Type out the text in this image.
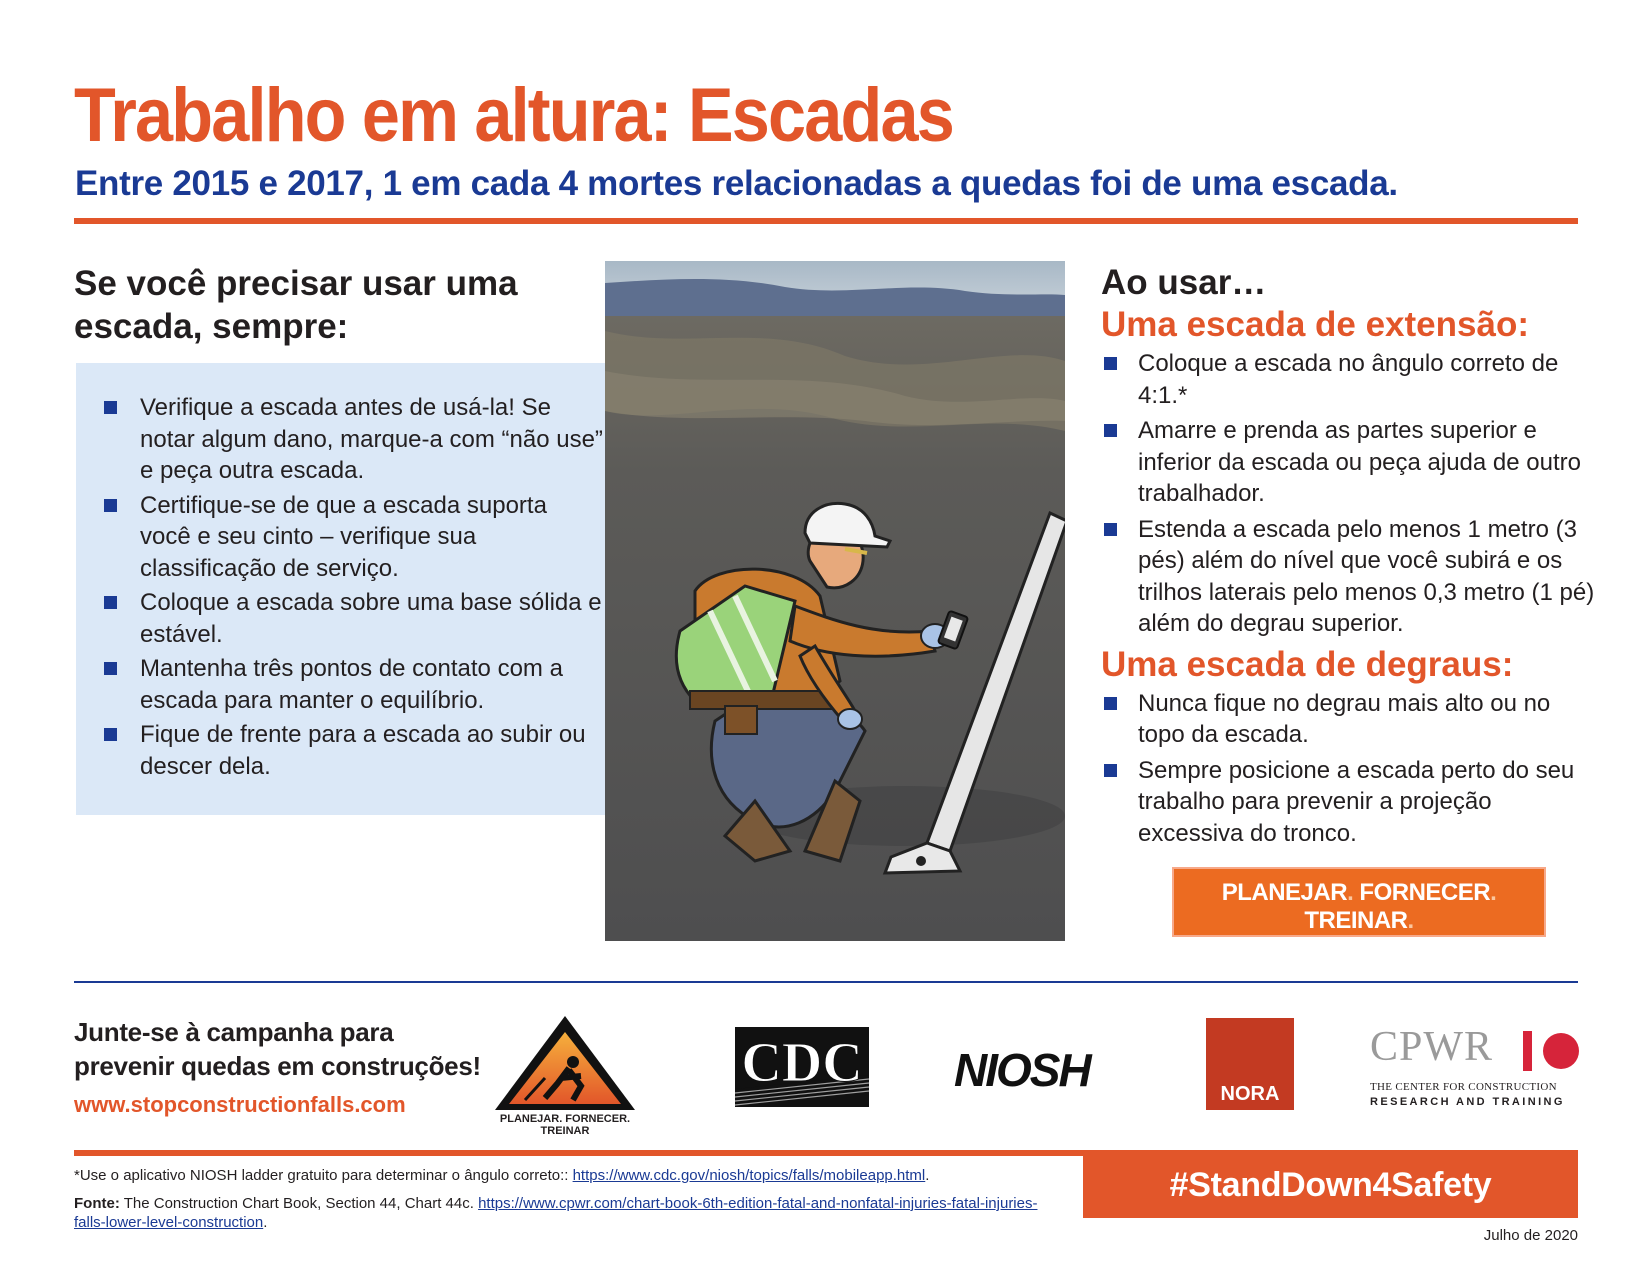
Trabalho em altura: Escadas

Entre 2015 e 2017, 1 em cada 4 mortes relacionadas a quedas foi de uma escada.

Se você precisar usar uma escada, sempre:
Verifique a escada antes de usá-la! Se notar algum dano, marque-a com “não use” e peça outra escada.
Certifique-se de que a escada suporta você e seu cinto – verifique sua classificação de serviço.
Coloque a escada sobre uma base sólida e estável.
Mantenha três pontos de contato com a escada para manter o equilíbrio.
Fique de frente para a escada ao subir ou descer dela.
Ao usar…
Uma escada de extensão:
Coloque a escada no ângulo correto de 4:1.*
Amarre e prenda as partes superior e inferior da escada ou peça ajuda de outro trabalhador.
Estenda a escada pelo menos 1 metro (3 pés) além do nível que você subirá e os trilhos laterais pelo menos 0,3 metro (1 pé) além do degrau superior.
Uma escada de degraus:
Nunca fique no degrau mais alto ou no topo da escada.
Sempre posicione a escada perto do seu trabalho para prevenir a projeção excessiva do tronco.
PLANEJAR. FORNECER. TREINAR.
Três passos simples para prevenir quedas.

Junte-se à campanha para prevenir quedas em construções!

www.stopconstructionfalls.com
PLANEJAR. FORNECER. TREINAR
CDC NIOSH	NORA
CPWR
THE CENTER FOR CONSTRUCTION
RESEARCH AND TRAINING
#StandDown4Safety
*Use o aplicativo NIOSH ladder gratuito para determinar o ângulo correto:: https://www.cdc.gov/niosh/topics/falls/mobileapp.html.
Fonte: The Construction Chart Book, Section 44, Chart 44c. https://www.cpwr.com/chart-book-6th-edition-fatal-and-nonfatal-injuries-fatal-injuries-falls-lower-level-construction.
Julho de 2020
